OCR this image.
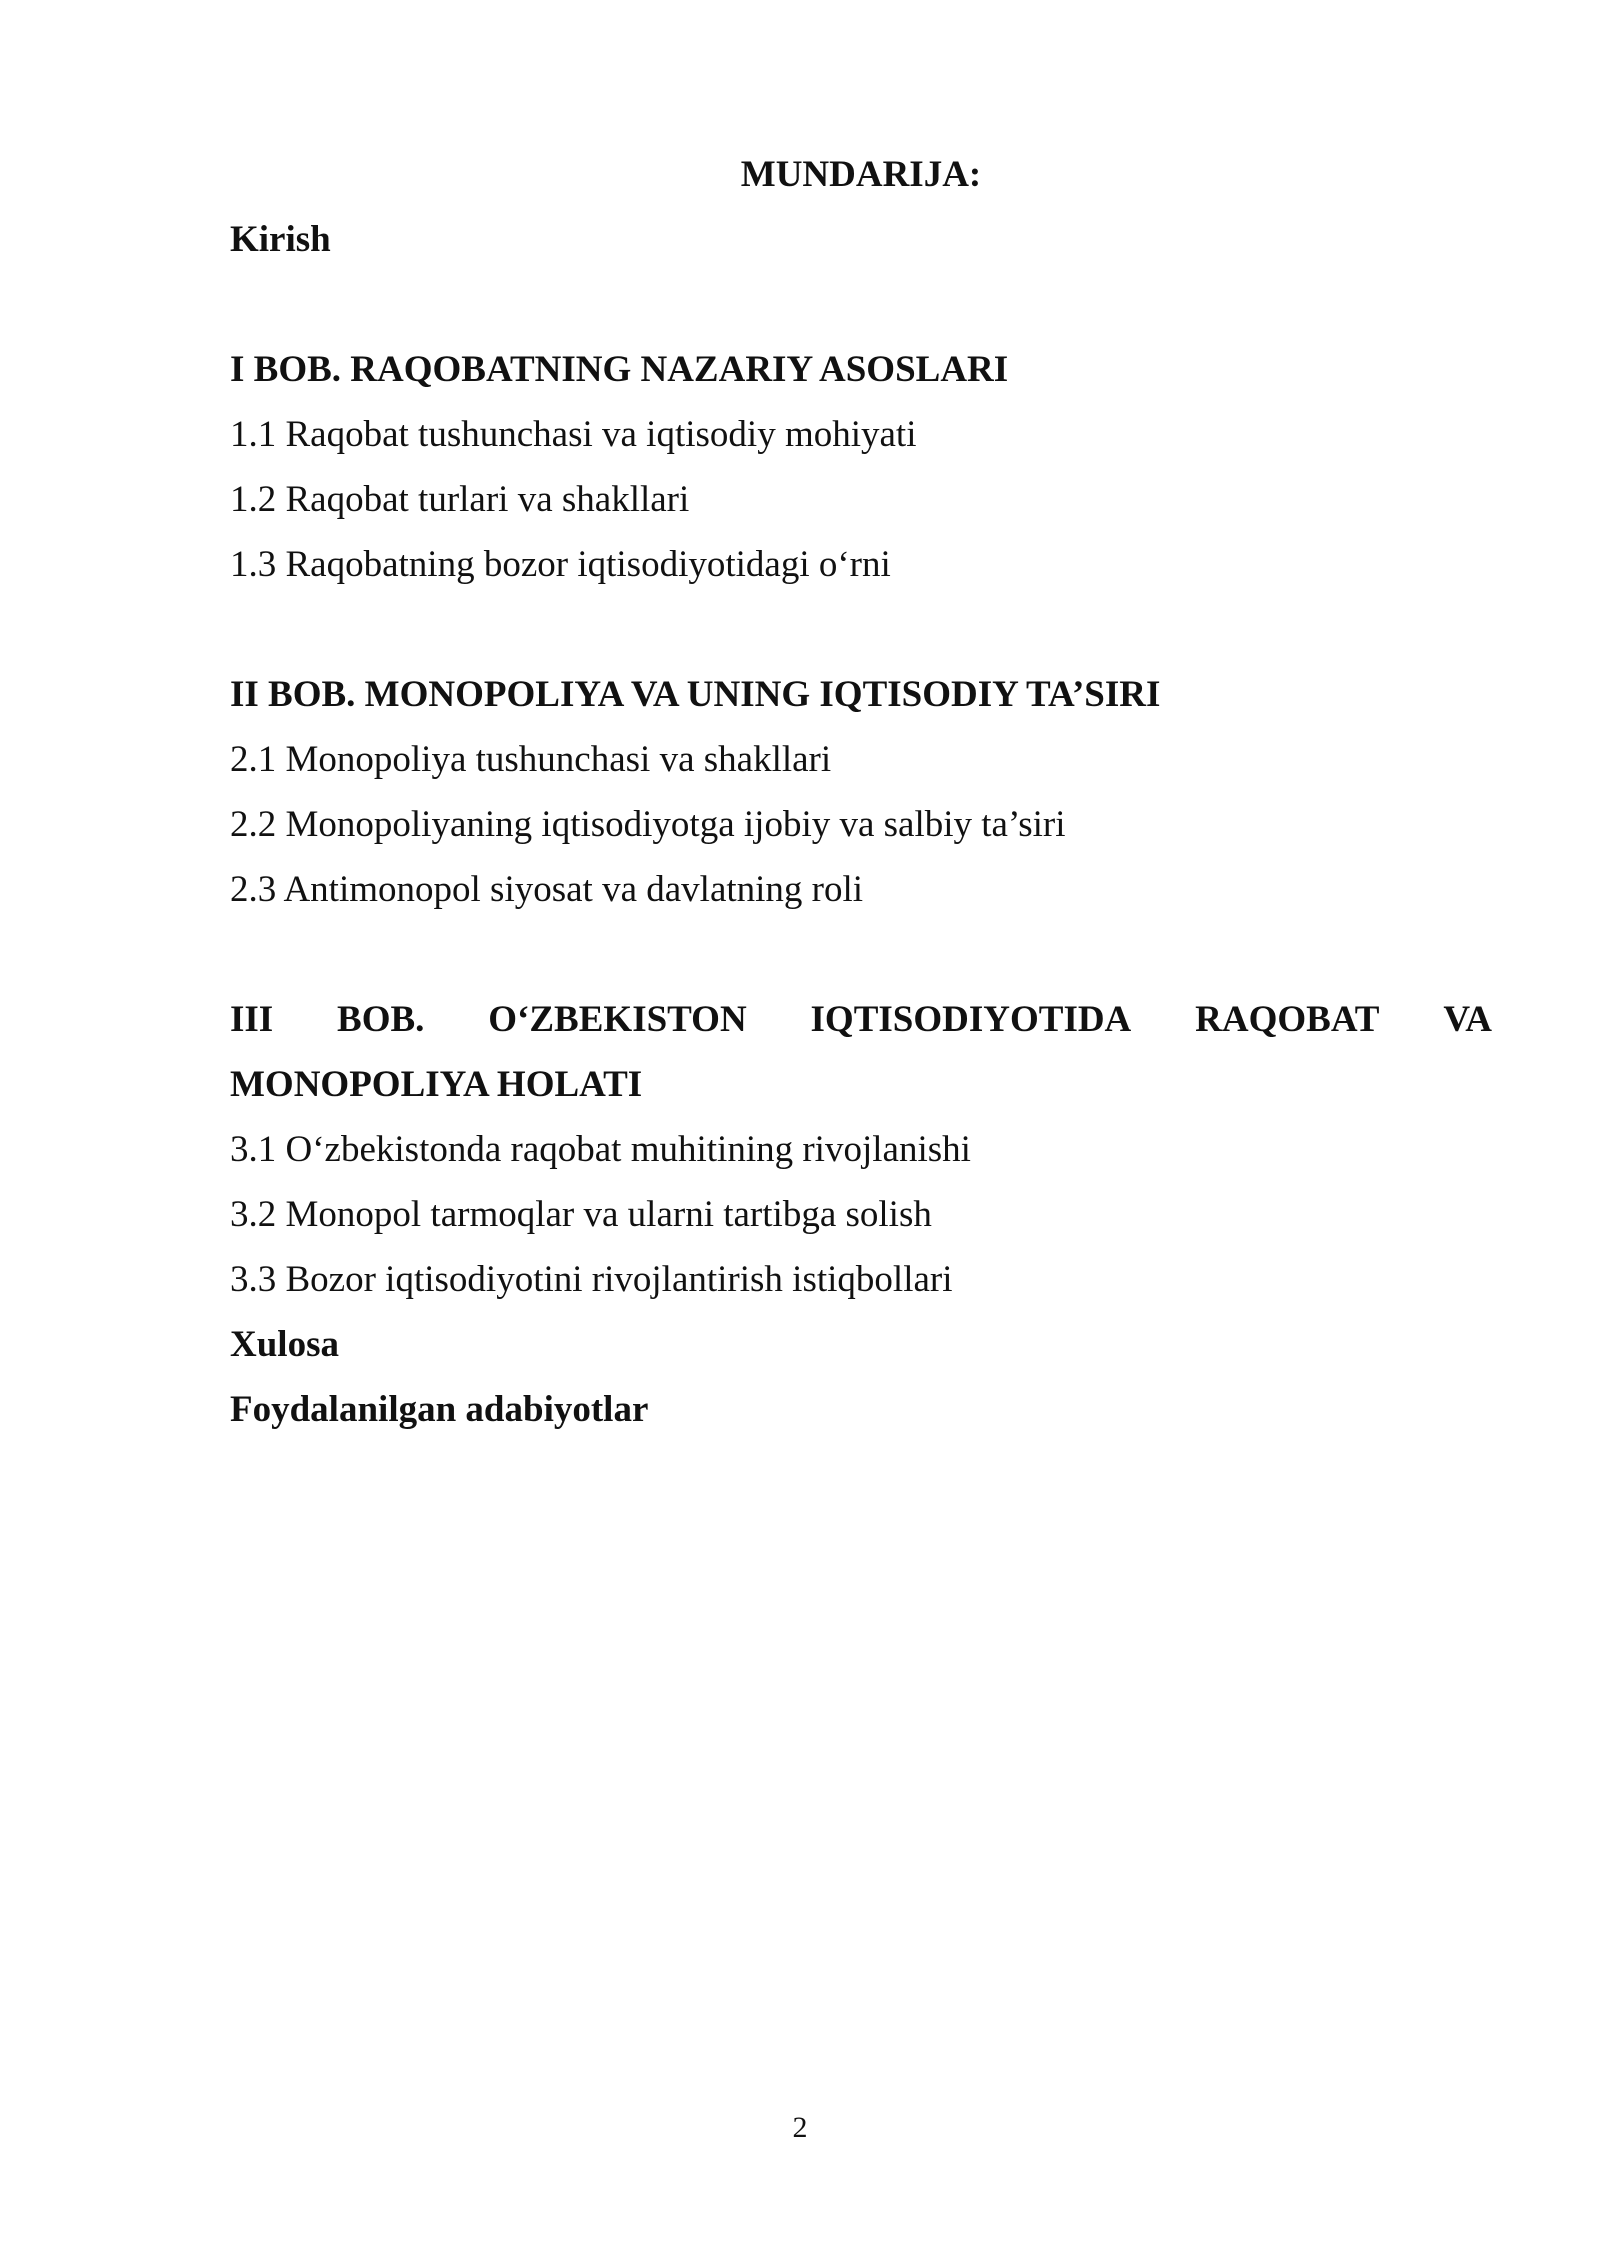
MUNDARIJA:

Kirish

I BOB. RAQOBATNING NAZARIY ASOSLARI

1.1 Raqobat tushunchasi va iqtisodiy mohiyati

1.2 Raqobat turlari va shakllari

1.3 Raqobatning bozor iqtisodiyotidagi o‘rni

II BOB. MONOPOLIYA VA UNING IQTISODIY TA’SIRI

2.1 Monopoliya tushunchasi va shakllari

2.2 Monopoliyaning iqtisodiyotga ijobiy va salbiy ta’siri

2.3 Antimonopol siyosat va davlatning roli

III BOB. O‘ZBEKISTON IQTISODIYOTIDA RAQOBAT VA

MONOPOLIYA HOLATI

3.1 O‘zbekistonda raqobat muhitining rivojlanishi

3.2 Monopol tarmoqlar va ularni tartibga solish

3.3 Bozor iqtisodiyotini rivojlantirish istiqbollari

Xulosa

Foydalanilgan adabiyotlar

2
